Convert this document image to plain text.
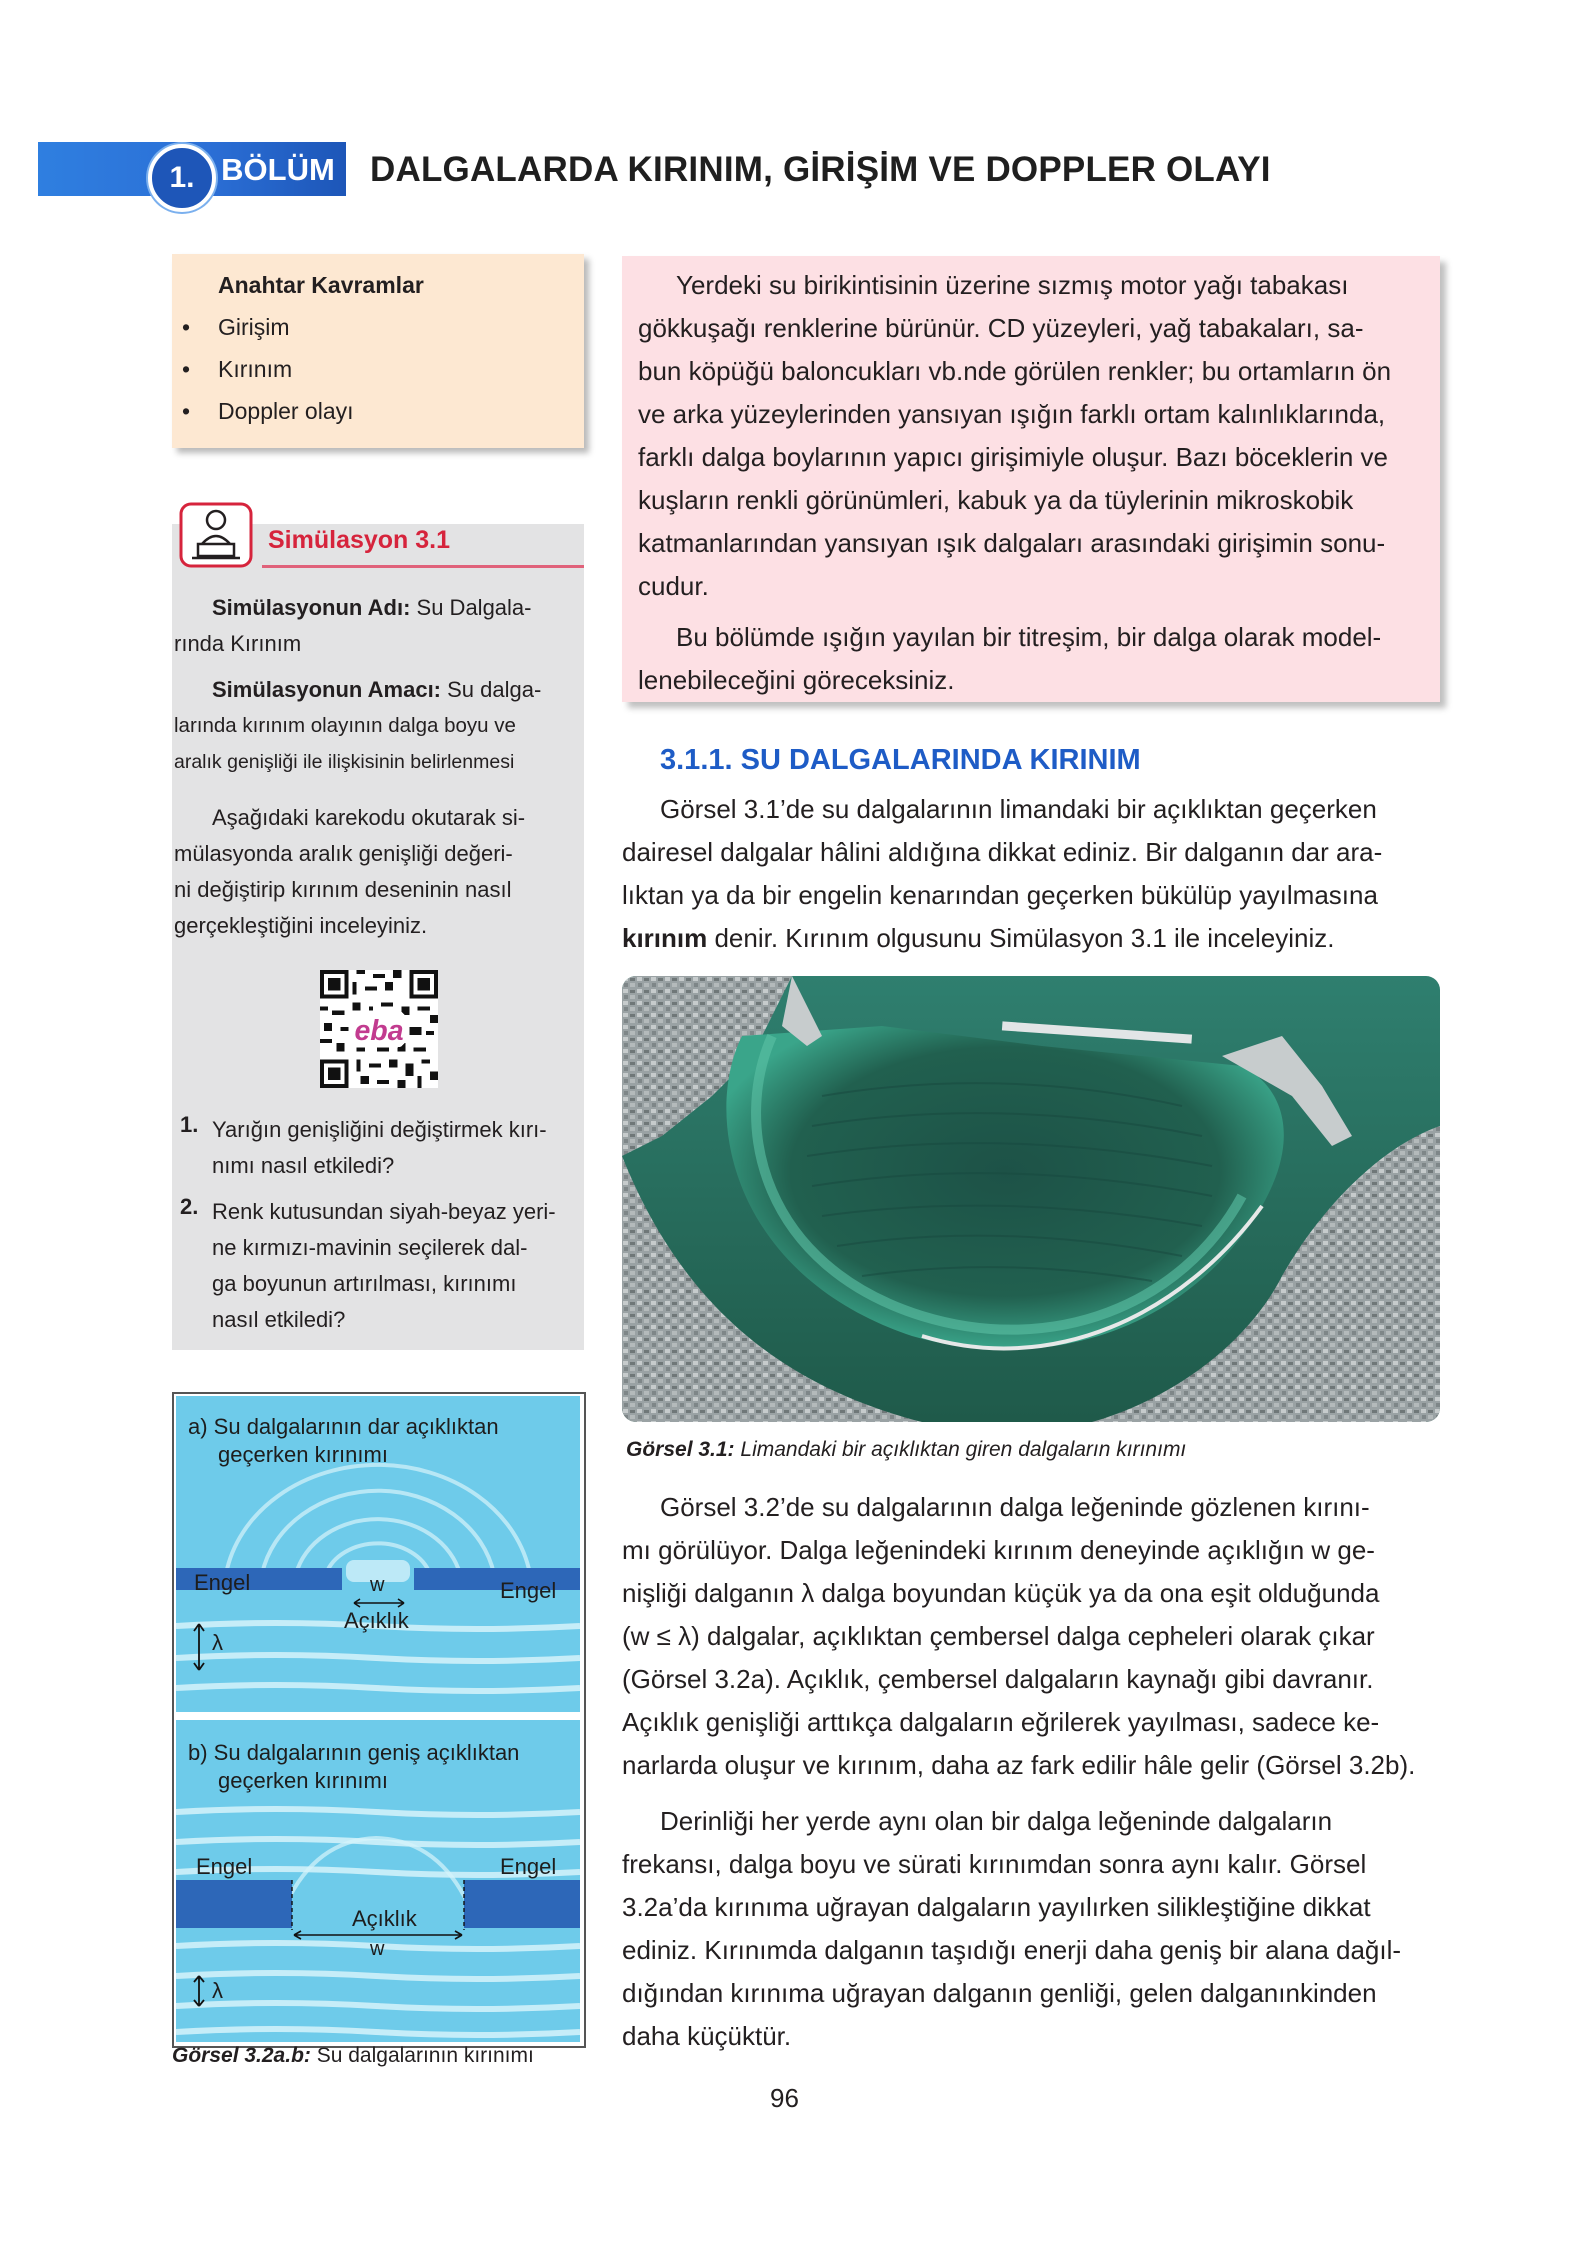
1. BÖLÜM DALGALARDA KIRINIM, GİRİŞİM VE DOPPLER OLAYI
Anahtar Kavramlar
• Girişim
• Kırınım
• Doppler olayı
Simülasyon 3.1
Simülasyonun Adı: Su Dalgala-
rında Kırınım
Simülasyonun Amacı: Su dalga-
larında kırınım olayının dalga boyu ve
aralık genişliği ile ilişkisinin belirlenmesi
Aşağıdaki karekodu okutarak si-
mülasyonda aralık genişliği değeri-
ni değiştirip kırınım deseninin nasıl
gerçekleştiğini inceleyiniz.
eba
1. Yarığın genişliğini değiştirmek kırı-
nımı nasıl etkiledi?
2. Renk kutusundan siyah-beyaz yeri-
ne kırmızı-mavinin seçilerek dal-
ga boyunun artırılması, kırınımı
nasıl etkiledi?
Yerdeki su birikintisinin üzerine sızmış motor yağı tabakası
gökkuşağı renklerine bürünür. CD yüzeyleri, yağ tabakaları, sa-
bun köpüğü baloncukları vb.nde görülen renkler; bu ortamların ön
ve arka yüzeylerinden yansıyan ışığın farklı ortam kalınlıklarında,
farklı dalga boylarının yapıcı girişimiyle oluşur. Bazı böceklerin ve
kuşların renkli görünümleri, kabuk ya da tüylerinin mikroskobik
katmanlarından yansıyan ışık dalgaları arasındaki girişimin sonu-
cudur.
Bu bölümde ışığın yayılan bir titreşim, bir dalga olarak model-
lenebileceğini göreceksiniz.
3.1.1. SU DALGALARINDA KIRINIM
Görsel 3.1’de su dalgalarının limandaki bir açıklıktan geçerken
dairesel dalgalar hâlini aldığına dikkat ediniz. Bir dalganın dar ara-
lıktan ya da bir engelin kenarından geçerken bükülüp yayılmasına
kırınım denir. Kırınım olgusunu Simülasyon 3.1 ile inceleyiniz.
Görsel 3.1: Limandaki bir açıklıktan giren dalgaların kırınımı
Görsel 3.2’de su dalgalarının dalga leğeninde gözlenen kırını-
mı görülüyor. Dalga leğenindeki kırınım deneyinde açıklığın w ge-
nişliği dalganın λ dalga boyundan küçük ya da ona eşit olduğunda
(w ≤ λ) dalgalar, açıklıktan çembersel dalga cepheleri olarak çıkar
(Görsel 3.2a). Açıklık, çembersel dalgaların kaynağı gibi davranır.
Açıklık genişliği arttıkça dalgaların eğrilerek yayılması, sadece ke-
narlarda oluşur ve kırınım, daha az fark edilir hâle gelir (Görsel 3.2b).
Derinliği her yerde aynı olan bir dalga leğeninde dalgaların
frekansı, dalga boyu ve sürati kırınımdan sonra aynı kalır. Görsel
3.2a’da kırınıma uğrayan dalgaların yayılırken silikleştiğine dikkat
ediniz. Kırınımda dalganın taşıdığı enerji daha geniş bir alana dağıl-
dığından kırınıma uğrayan dalganın genliği, gelen dalganınkinden
daha küçüktür.
a) Su dalgalarının dar açıklıktan
geçerken kırınımı
Engel	Engel
w
Açıklık
λ
b) Su dalgalarının geniş açıklıktan
geçerken kırınımı
Engel	Engel
Açıklık
w
λ
Görsel 3.2a.b: Su dalgalarının kırınımı
96
